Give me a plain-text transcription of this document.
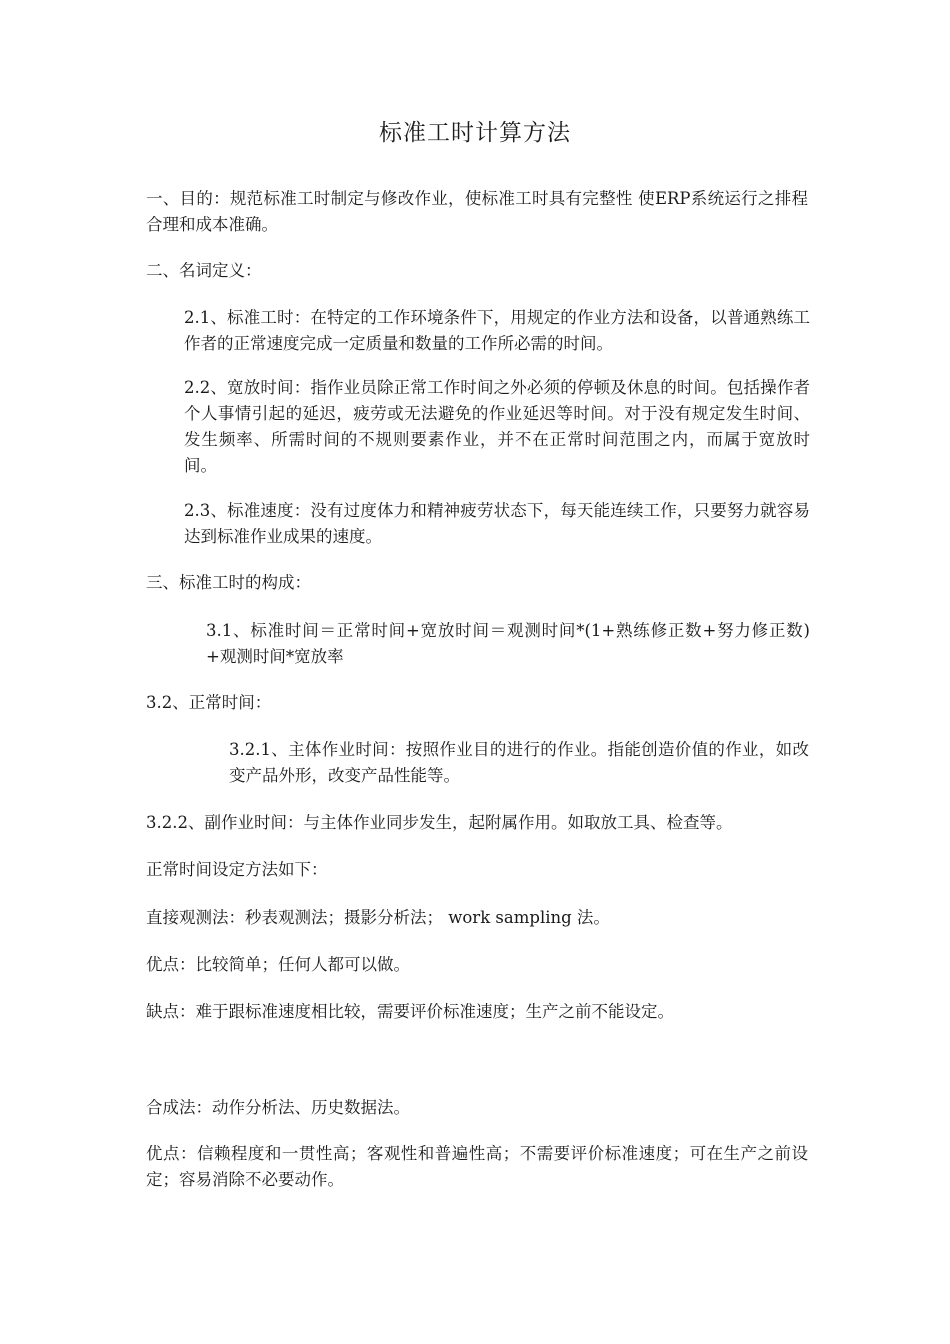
标准工时计算方法
一、目的：规范标准工时制定与修改作业，使标准工时具有完整性 使ERP系统运行之排程合理和成本准确。
二、名词定义：
2.1、标准工时：在特定的工作环境条件下，用规定的作业方法和设备，以普通熟练工作者的正常速度完成一定质量和数量的工作所必需的时间。
2.2、宽放时间：指作业员除正常工作时间之外必须的停顿及休息的时间。包括操作者个人事情引起的延迟，疲劳或无法避免的作业延迟等时间。对于没有规定发生时间、发生频率、所需时间的不规则要素作业，并不在正常时间范围之内，而属于宽放时间。
2.3、标准速度：没有过度体力和精神疲劳状态下，每天能连续工作，只要努力就容易达到标准作业成果的速度。
三、标准工时的构成：
3.1、标准时间＝正常时间+宽放时间＝观测时间*(1+熟练修正数+努力修正数)+观测时间*宽放率
3.2、正常时间：
3.2.1、主体作业时间：按照作业目的进行的作业。指能创造价值的作业，如改变产品外形，改变产品性能等。
3.2.2、副作业时间：与主体作业同步发生，起附属作用。如取放工具、检查等。
正常时间设定方法如下：
直接观测法：秒表观测法；摄影分析法； work sampling 法。
优点：比较简单；任何人都可以做。
缺点：难于跟标准速度相比较，需要评价标准速度；生产之前不能设定。
合成法：动作分析法、历史数据法。
优点：信赖程度和一贯性高；客观性和普遍性高；不需要评价标准速度；可在生产之前设定；容易消除不必要动作。
